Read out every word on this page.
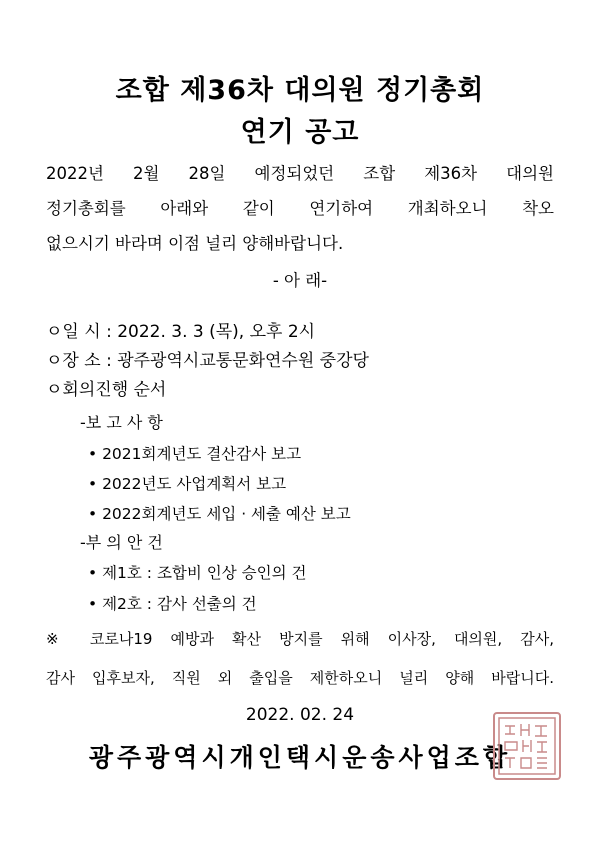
조합 제36차 대의원 정기총회
연기 공고
2022년 2월 28일 예정되었던 조합 제36차 대의원
정기총회를 아래와 같이 연기하여 개최하오니 착오
없으시기 바라며 이점 널리 양해바랍니다.
- 아 래-
ㅇ일 시 : 2022. 3. 3 (목), 오후 2시
ㅇ장 소 : 광주광역시교통문화연수원 중강당
ㅇ회의진행 순서
-보 고 사 항
• 2021회계년도 결산감사 보고
• 2022년도 사업계획서 보고
• 2022회계년도 세입 · 세출 예산 보고
-부 의 안 건
• 제1호 : 조합비 인상 승인의 건
• 제2호 : 감사 선출의 건
※ 코로나19 예방과 확산 방지를 위해 이사장, 대의원, 감사,
감사 입후보자, 직원 외 출입을 제한하오니 널리 양해 바랍니다.
2022. 02. 24
광주광역시개인택시운송사업조합
